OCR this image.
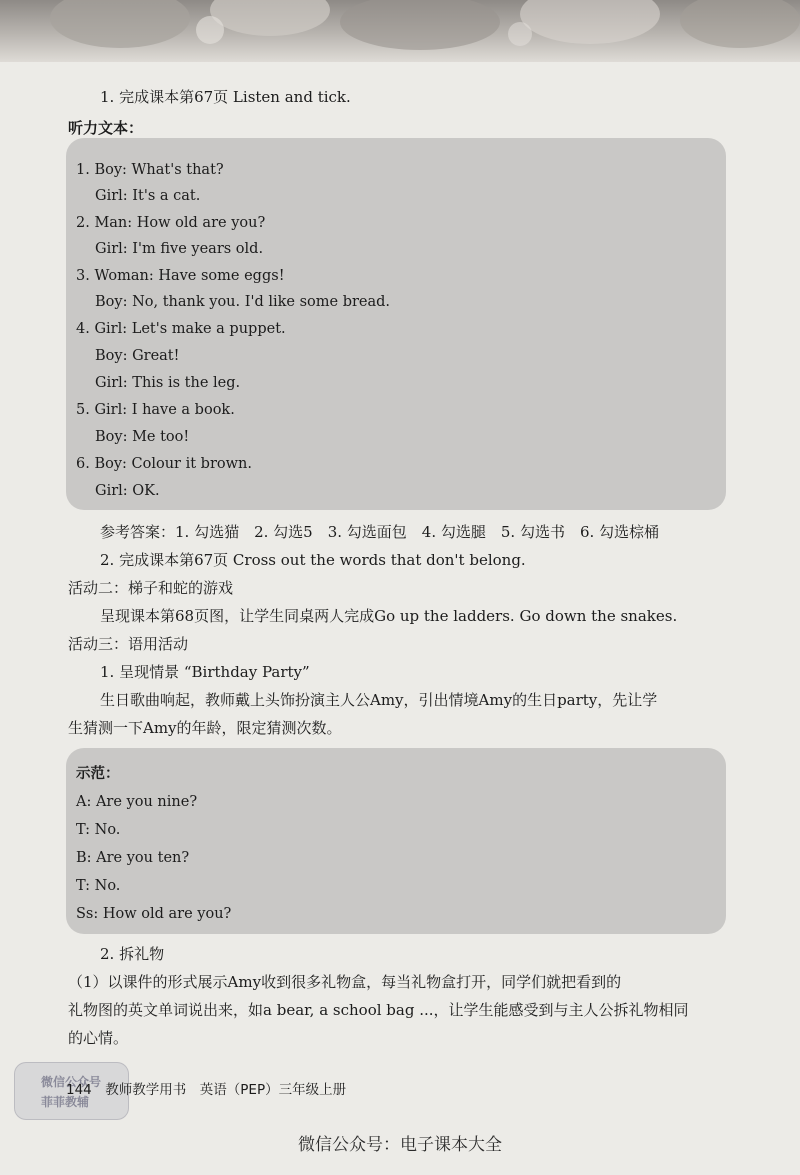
1. 完成课本第67页 Listen and tick.
听力文本：
1. Boy: What's that?
Girl: It's a cat.
2. Man: How old are you?
Girl: I'm five years old.
3. Woman: Have some eggs!
Boy: No, thank you. I'd like some bread.
4. Girl: Let's make a puppet.
Boy: Great!
Girl: This is the leg.
5. Girl: I have a book.
Boy: Me too!
6. Boy: Colour it brown.
Girl: OK.
参考答案：1. 勾选猫　2. 勾选5　3. 勾选面包　4. 勾选腿　5. 勾选书　6. 勾选棕桶
2. 完成课本第67页 Cross out the words that don't belong.
活动二：梯子和蛇的游戏
呈现课本第68页图，让学生同桌两人完成Go up the ladders. Go down the snakes.
活动三：语用活动
1. 呈现情景 “Birthday Party”
生日歌曲响起，教师戴上头饰扮演主人公Amy，引出情境Amy的生日party，先让学
生猜测一下Amy的年龄，限定猜测次数。
示范：
A: Are you nine?
T: No.
B: Are you ten?
T: No.
Ss: How old are you?
2. 拆礼物
（1）以课件的形式展示Amy收到很多礼物盒，每当礼物盒打开，同学们就把看到的
礼物图的英文单词说出来，如a bear, a school bag ...，让学生能感受到与主人公拆礼物相同
的心情。
微信公众号
菲菲教辅
144　教师教学用书　英语（PEP）三年级上册
微信公众号：电子课本大全
